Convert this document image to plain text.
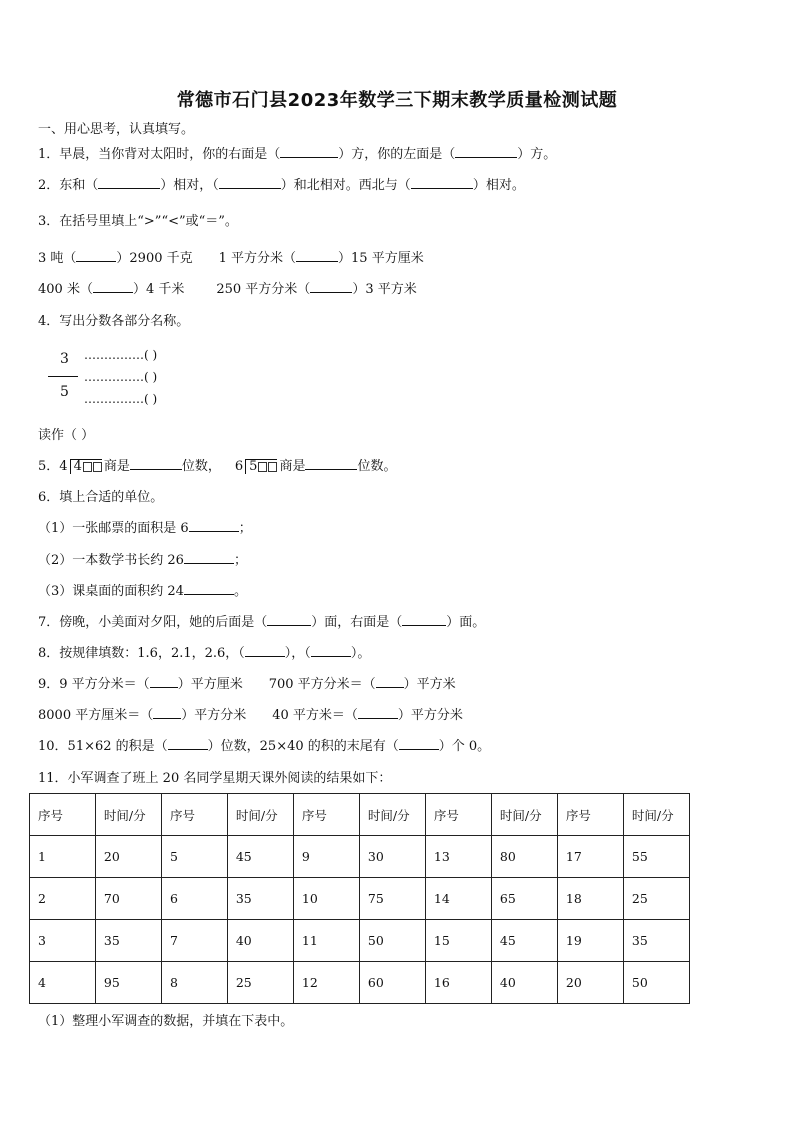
常德市石门县2023年数学三下期末教学质量检测试题
一、用心思考，认真填写。
1．早晨，当你背对太阳时，你的右面是（	）方，你的左面是（	）方。
2．东和（	）相对，（	）和北相对。西北与（	）相对。
3．在括号里填上“>”“<”或“＝”。
3 吨（	）2900 千克 1 平方分米（	）15 平方厘米
400 米（	）4 千米 250 平方分米（	）3 平方米
4．写出分数各部分名称。
3
5
……………( )
……………( )
……………( )
读作（ ）
5．4 4 商是	位数， 6 5 商是	位数。
6．填上合适的单位。
（1）一张邮票的面积是 6	；
（2）一本数学书长约 26	；
（3）课桌面的面积约 24	。
7．傍晚，小美面对夕阳，她的后面是（	）面，右面是（	）面。
8．按规律填数：1.6，2.1，2.6，（	），（	）。
9．9 平方分米＝（ ）平方厘米 700 平方分米＝（ ）平方米
8000 平方厘米＝（ ）平方分米 40 平方米＝（	）平方分米
10．51×62 的积是（	）位数，25×40 的积的末尾有（	）个 0。
11．小军调查了班上 20 名同学星期天课外阅读的结果如下：
序号	时间/分	序号	时间/分	序号	时间/分	序号	时间/分	序号	时间/分
1	20	5	45	9	30	13	80	17	55
2	70	6	35	10	75	14	65	18	25
3	35	7	40	11	50	15	45	19	35
4	95	8	25	12	60	16	40	20	50
（1）整理小军调查的数据，并填在下表中。
